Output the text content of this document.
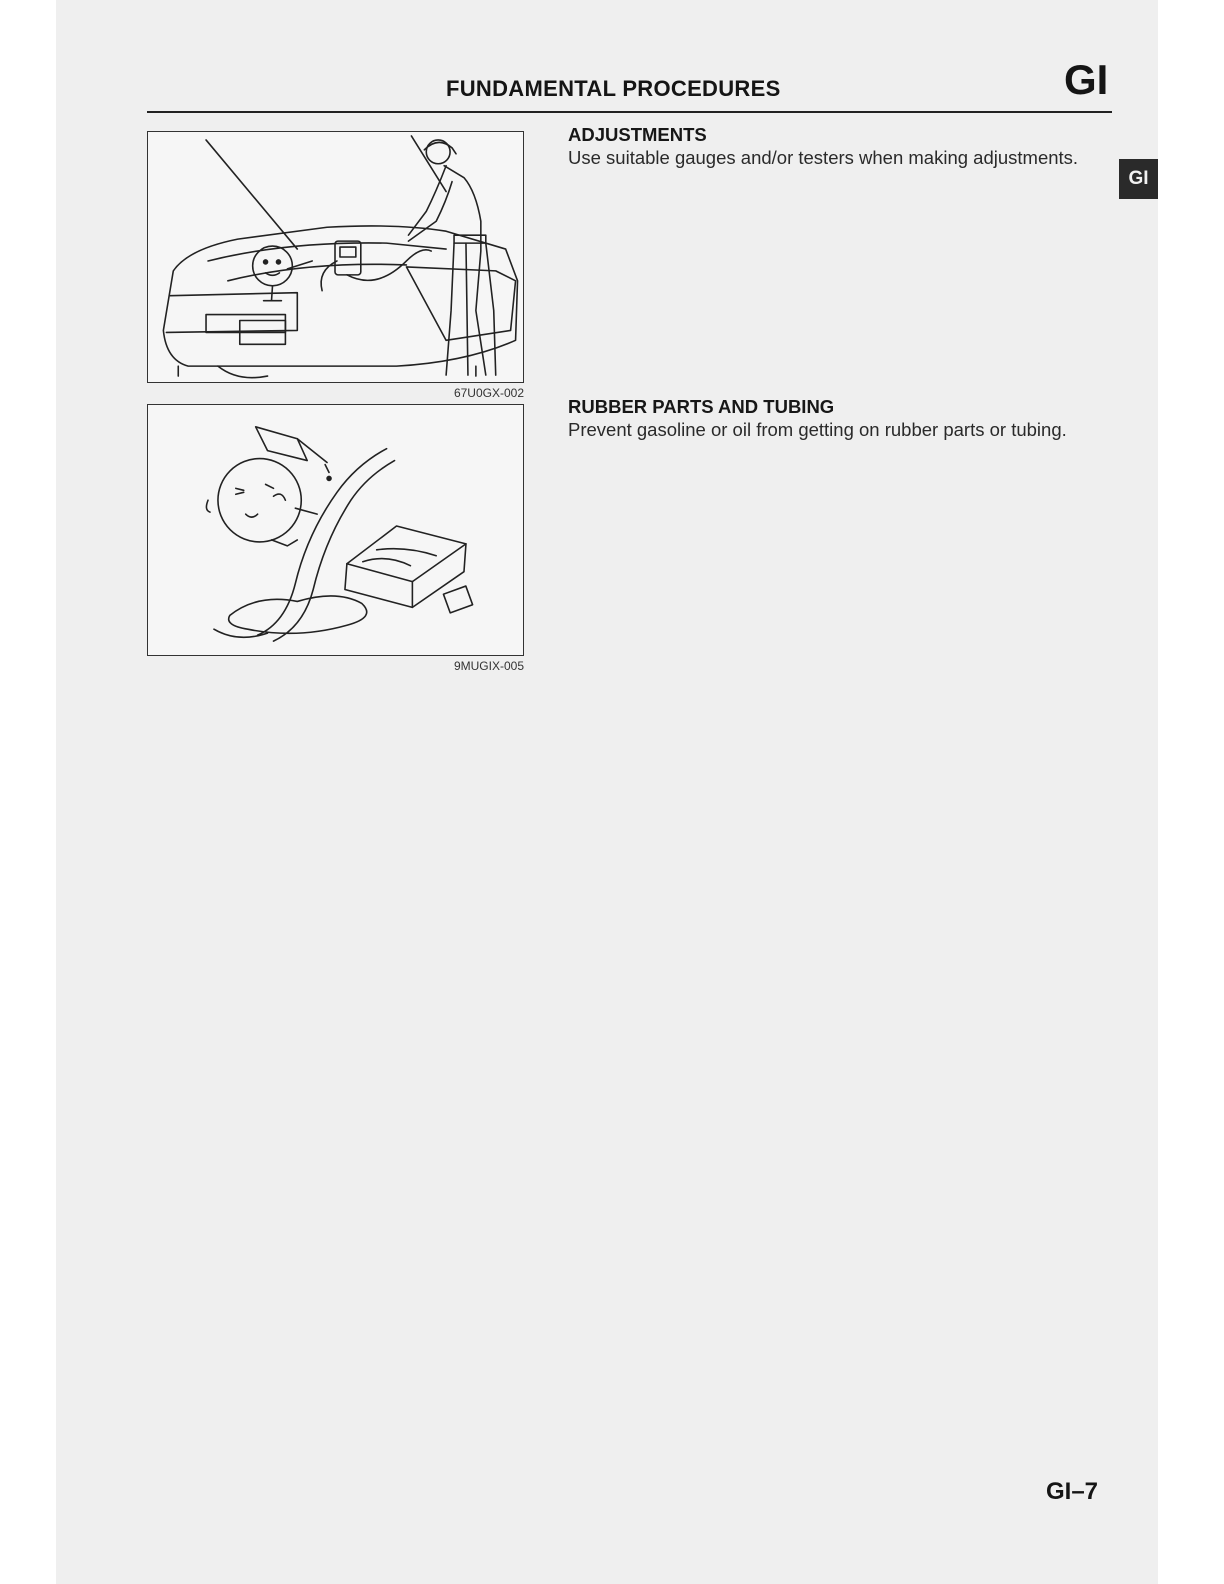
FUNDAMENTAL PROCEDURES	GI
GI
67U0GX-002
9MUGIX-005
ADJUSTMENTS
Use suitable gauges and/or testers when making adjustments.
RUBBER PARTS AND TUBING
Prevent gasoline or oil from getting on rubber parts or tubing.
GI–7
